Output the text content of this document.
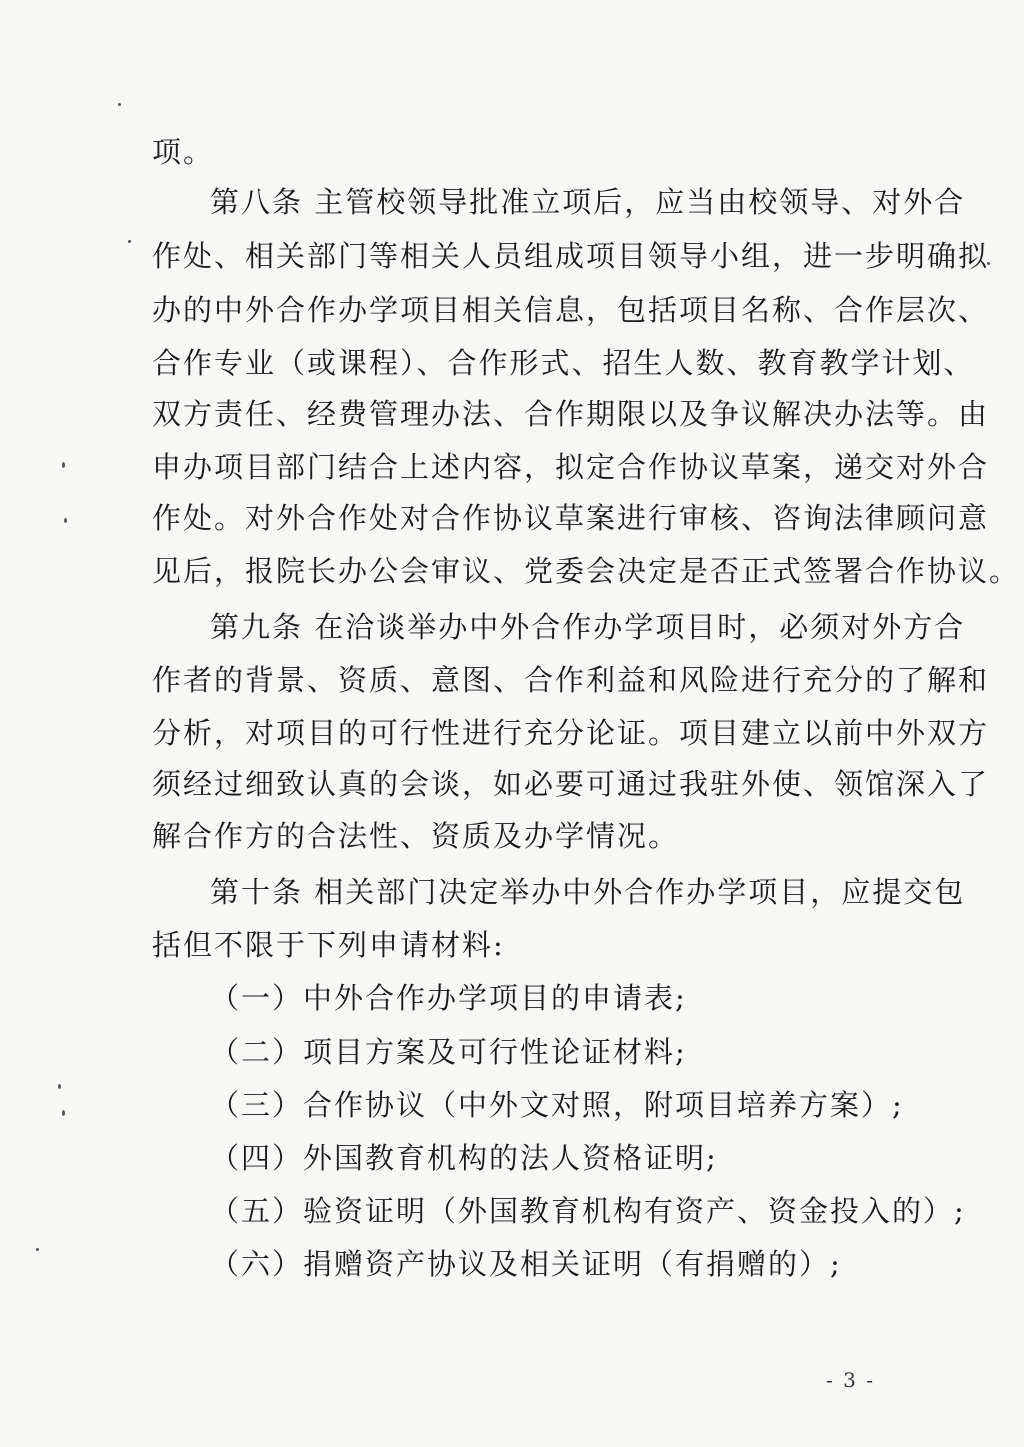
项。
第八条 主管校领导批准立项后，应当由校领导、对外合
作处、相关部门等相关人员组成项目领导小组，进一步明确拟
办的中外合作办学项目相关信息，包括项目名称、合作层次、
合作专业（或课程）、合作形式、招生人数、教育教学计划、
双方责任、经费管理办法、合作期限以及争议解决办法等。由
申办项目部门结合上述内容，拟定合作协议草案，递交对外合
作处。对外合作处对合作协议草案进行审核、咨询法律顾问意
见后，报院长办公会审议、党委会决定是否正式签署合作协议。
第九条 在洽谈举办中外合作办学项目时，必须对外方合
作者的背景、资质、意图、合作利益和风险进行充分的了解和
分析，对项目的可行性进行充分论证。项目建立以前中外双方
须经过细致认真的会谈，如必要可通过我驻外使、领馆深入了
解合作方的合法性、资质及办学情况。
第十条 相关部门决定举办中外合作办学项目，应提交包
括但不限于下列申请材料:
（一）中外合作办学项目的申请表;
（二）项目方案及可行性论证材料;
（三）合作协议（中外文对照，附项目培养方案）;
（四）外国教育机构的法人资格证明;
（五）验资证明（外国教育机构有资产、资金投入的）;
（六）捐赠资产协议及相关证明（有捐赠的）;
- 3 -
